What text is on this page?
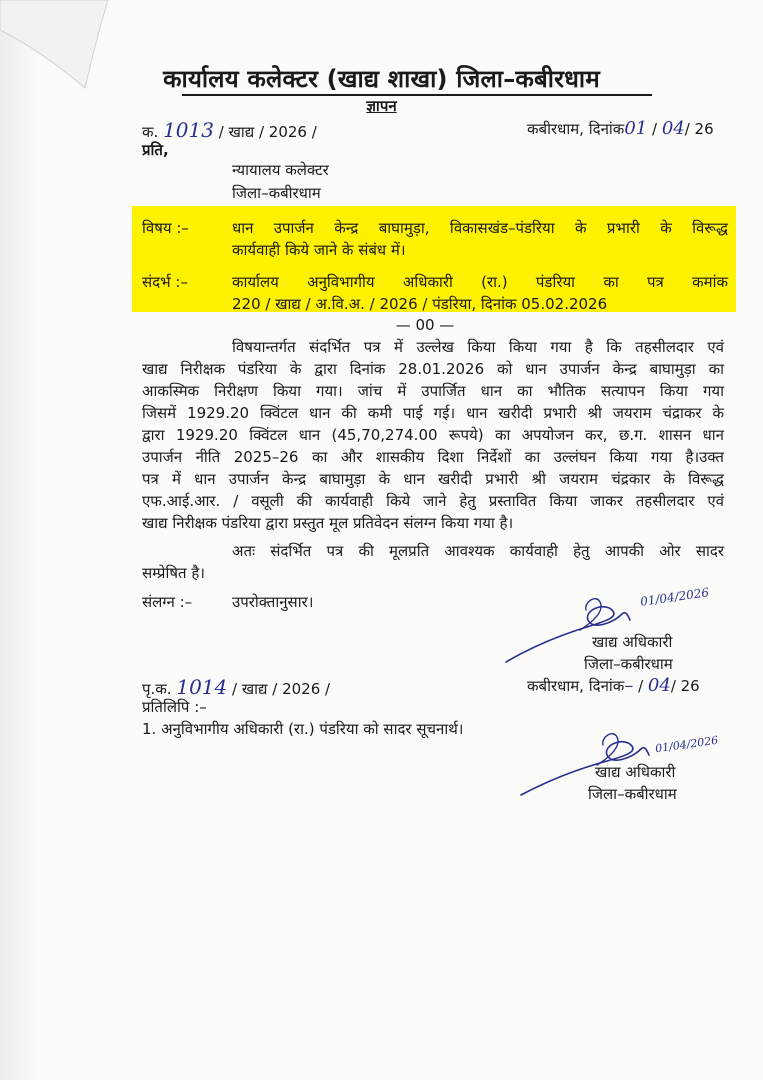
कार्यालय कलेक्टर (खाद्य शाखा) जिला–कबीरधाम
ज्ञापन
क. 1013 / खाद्य / 2026 /	कबीरधाम, दिनांक01 / 04/ 26
प्रति,
न्यायालय कलेक्टर
जिला–कबीरधाम
विषय :–	धान उपार्जन केन्द्र बाघामुड़ा, विकासखंड–पंडरिया के प्रभारी के विरूद्ध
कार्यवाही किये जाने के संबंध में।
संदर्भ :–	कार्यालय अनुविभागीय अधिकारी (रा.) पंडरिया का पत्र कमांक
220 / खाद्य / अ.वि.अ. / 2026 / पंडरिया, दिनांक 05.02.2026
— 00 —
विषयान्तर्गत संदर्भित पत्र में उल्लेख किया किया गया है कि तहसीलदार एवं
खाद्य निरीक्षक पंडरिया के द्वारा दिनांक 28.01.2026 को धान उपार्जन केन्द्र बाघामुड़ा का
आकस्मिक निरीक्षण किया गया। जांच में उपार्जित धान का भौतिक सत्यापन किया गया
जिसमें 1929.20 क्विंटल धान की कमी पाई गई। धान खरीदी प्रभारी श्री जयराम चंद्राकर के
द्वारा 1929.20 क्विंटल धान (45,70,274.00 रूपये) का अपयोजन कर, छ.ग. शासन धान
उपार्जन नीति 2025–26 का और शासकीय दिशा निर्देशों का उल्लंघन किया गया है।उक्त
पत्र में धान उपार्जन केन्द्र बाघामुड़ा के धान खरीदी प्रभारी श्री जयराम चंद्रकार के विरूद्ध
एफ.आई.आर. / वसूली की कार्यवाही किये जाने हेतु प्रस्तावित किया जाकर तहसीलदार एवं
खाद्य निरीक्षक पंडरिया द्वारा प्रस्तुत मूल प्रतिवेदन संलग्न किया गया है।
अतः संदर्भित पत्र की मूलप्रति आवश्यक कार्यवाही हेतु आपकी ओर सादर
सम्प्रेषित है।
संलग्न :–	उपरोक्तानुसार।	01/04/2026
खाद्य अधिकारी
जिला–कबीरधाम
पृ.क. 1014 / खाद्य / 2026 /	कबीरधाम, दिनांक– / 04/ 26
प्रतिलिपि :–
1. अनुविभागीय अधिकारी (रा.) पंडरिया को सादर सूचनार्थ।
01/04/2026
खाद्य अधिकारी
जिला–कबीरधाम
